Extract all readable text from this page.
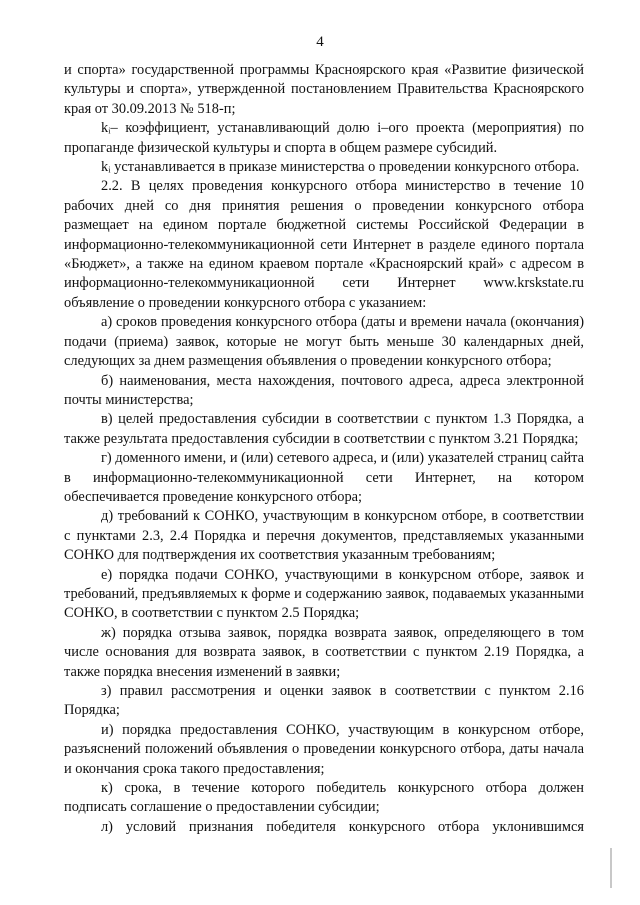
4

и спорта» государственной программы Красноярского края «Развитие физической культуры и спорта», утвержденной постановлением Правительства Красноярского края от 30.09.2013 № 518-п;

kᵢ– коэффициент, устанавливающий долю i–ого проекта (мероприятия) по пропаганде физической культуры и спорта в общем размере субсидий.

kᵢ устанавливается в приказе министерства о проведении конкурсного отбора.

2.2. В целях проведения конкурсного отбора министерство в течение 10 рабочих дней со дня принятия решения о проведении конкурсного отбора размещает на едином портале бюджетной системы Российской Федерации в информационно-телекоммуникационной сети Интернет в разделе единого портала «Бюджет», а также на едином краевом портале «Красноярский край» с адресом в информационно-телекоммуникационной сети Интернет www.krskstate.ru объявление о проведении конкурсного отбора с указанием:

а) сроков проведения конкурсного отбора (даты и времени начала (окончания) подачи (приема) заявок, которые не могут быть меньше 30 календарных дней, следующих за днем размещения объявления о проведении конкурсного отбора;

б) наименования, места нахождения, почтового адреса, адреса электронной почты министерства;

в) целей предоставления субсидии в соответствии с пунктом 1.3 Порядка, а также результата предоставления субсидии в соответствии с пунктом 3.21 Порядка;

г) доменного имени, и (или) сетевого адреса, и (или) указателей страниц сайта в информационно-телекоммуникационной сети Интернет, на котором обеспечивается проведение конкурсного отбора;

д) требований к СОНКО, участвующим в конкурсном отборе, в соответствии с пунктами 2.3, 2.4 Порядка и перечня документов, представляемых указанными СОНКО для подтверждения их соответствия указанным требованиям;

е) порядка подачи СОНКО, участвующими в конкурсном отборе, заявок и требований, предъявляемых к форме и содержанию заявок, подаваемых указанными СОНКО, в соответствии с пунктом 2.5 Порядка;

ж) порядка отзыва заявок, порядка возврата заявок, определяющего в том числе основания для возврата заявок, в соответствии с пунктом 2.19 Порядка, а также порядка внесения изменений в заявки;

з) правил рассмотрения и оценки заявок в соответствии с пунктом 2.16 Порядка;

и) порядка предоставления СОНКО, участвующим в конкурсном отборе, разъяснений положений объявления о проведении конкурсного отбора, даты начала и окончания срока такого предоставления;

к) срока, в течение которого победитель конкурсного отбора должен подписать соглашение о предоставлении субсидии;

л) условий признания победителя конкурсного отбора уклонившимся
